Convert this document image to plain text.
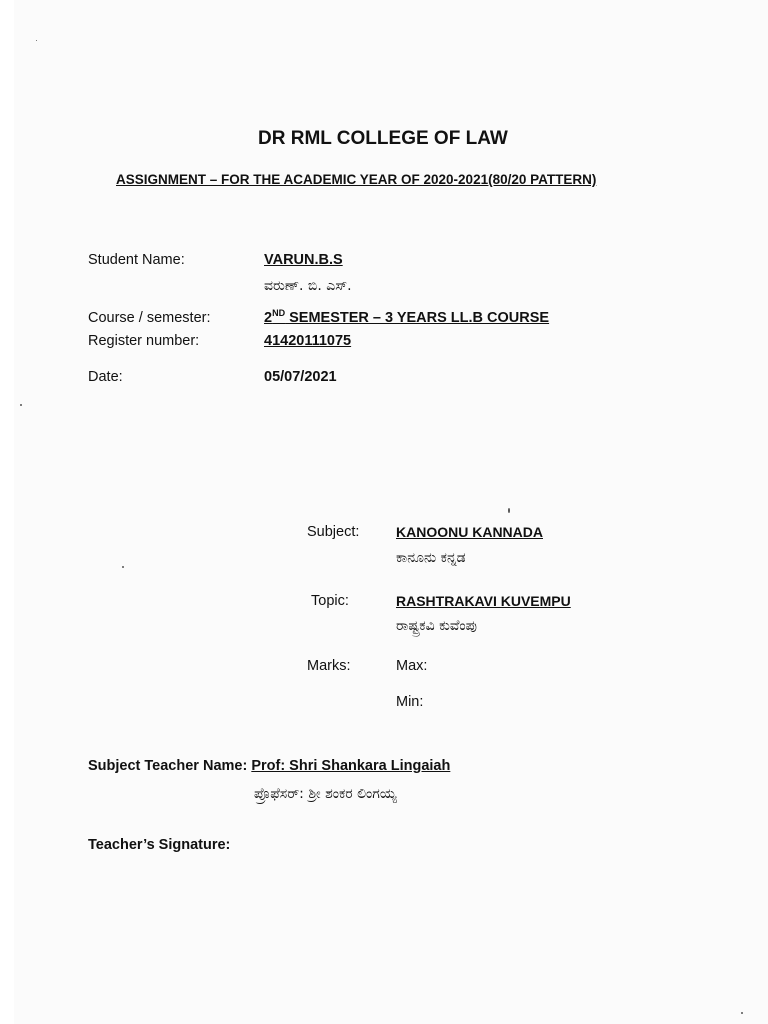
DR RML COLLEGE OF LAW
ASSIGNMENT – FOR THE ACADEMIC YEAR OF 2020-2021(80/20 PATTERN)
Student Name:	VARUN.B.S
ವರುಣ್. ಬಿ. ಎಸ್.
Course / semester:	2ND SEMESTER – 3 YEARS LL.B COURSE
Register number:	41420111075
Date:	05/07/2021
Subject:	KANOONU KANNADA
ಕಾನೂನು ಕನ್ನಡ
Topic:	RASHTRAKAVI KUVEMPU
ರಾಷ್ಟ್ರಕವಿ ಕುವೆಂಪು
Marks:	Max:
Min:
Subject Teacher Name: Prof: Shri Shankara Lingaiah
ಪ್ರೊಫೆಸರ್: ಶ್ರೀ ಶಂಕರ ಲಿಂಗಯ್ಯ
Teacher’s Signature:
